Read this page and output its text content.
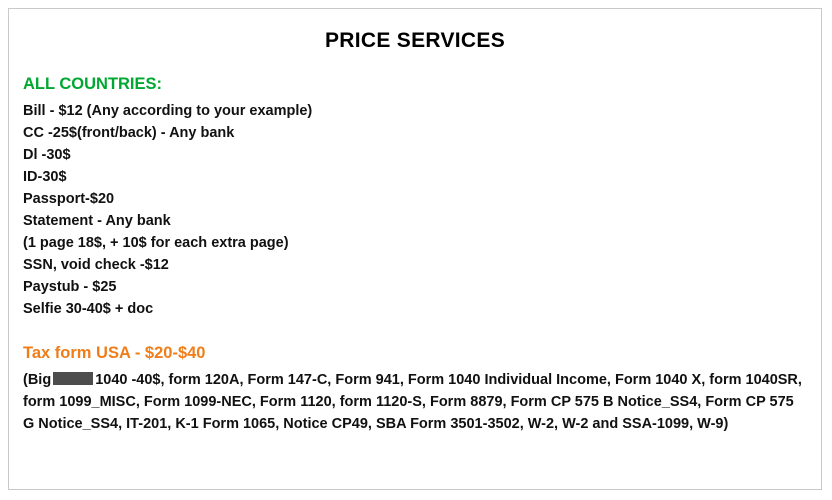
PRICE SERVICES
ALL COUNTRIES:
Bill - $12 (Any according to your example)
CC -25$(front/back) - Any bank
Dl -30$
ID-30$
Passport-$20
Statement - Any bank
(1 page 18$, + 10$ for each extra page)
SSN, void check -$12
Paystub - $25
Selfie 30-40$ + doc
Tax form USA - $20-$40

(Big	1040 -40$, form 120A, Form 147-C, Form 941, Form 1040 Individual Income, Form 1040 X, form 1040SR, form 1099_MISC, Form 1099-NEC, Form 1120, form 1120-S, Form 8879, Form CP 575 B Notice_SS4, Form CP 575 G Notice_SS4, IT-201, K-1 Form 1065, Notice CP49, SBA Form 3501-3502, W-2, W-2 and SSA-1099, W-9)
